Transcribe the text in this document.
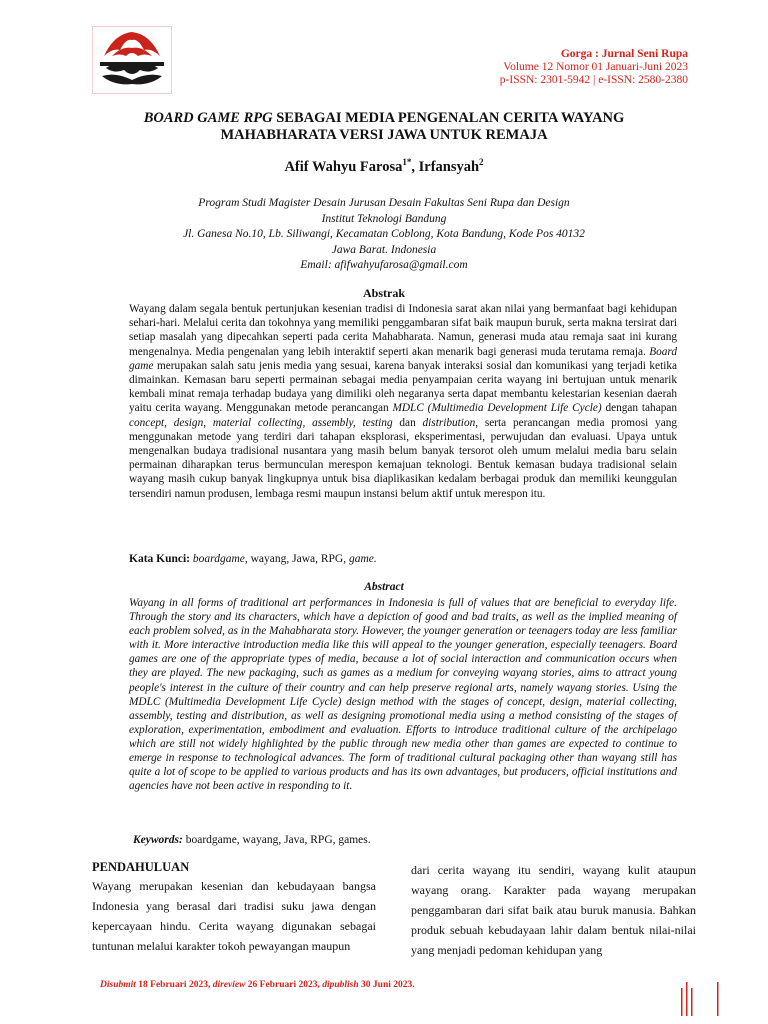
Gorga : Jurnal Seni Rupa
Volume 12 Nomor 01 Januari-Juni 2023
p-ISSN: 2301-5942 | e-ISSN: 2580-2380
BOARD GAME RPG SEBAGAI MEDIA PENGENALAN CERITA WAYANG
MAHABHARATA VERSI JAWA UNTUK REMAJA
Afif Wahyu Farosa$^{1*}$, Irfansyah$^2$
Program Studi Magister Desain Jurusan Desain Fakultas Seni Rupa dan Design
Institut Teknologi Bandung
Jl. Ganesa No.10, Lb. Siliwangi, Kecamatan Coblong, Kota Bandung, Kode Pos 40132
Jawa Barat. Indonesia
Email: afifwahyufarosa@gmail.com
Abstrak
Wayang dalam segala bentuk pertunjukan kesenian tradisi di Indonesia sarat akan nilai yang bermanfaat bagi kehidupan sehari-hari. Melalui cerita dan tokohnya yang memiliki penggambaran sifat baik maupun buruk, serta makna tersirat dari setiap masalah yang dipecahkan seperti pada cerita Mahabharata. Namun, generasi muda atau remaja saat ini kurang mengenalnya. Media pengenalan yang lebih interaktif seperti akan menarik bagi generasi muda terutama remaja. Board game merupakan salah satu jenis media yang sesuai, karena banyak interaksi sosial dan komunikasi yang terjadi ketika dimainkan. Kemasan baru seperti permainan sebagai media penyampaian cerita wayang ini bertujuan untuk menarik kembali minat remaja terhadap budaya yang dimiliki oleh negaranya serta dapat membantu kelestarian kesenian daerah yaitu cerita wayang. Menggunakan metode perancangan MDLC (Multimedia Development Life Cycle) dengan tahapan concept, design, material collecting, assembly, testing dan distribution, serta perancangan media promosi yang menggunakan metode yang terdiri dari tahapan eksplorasi, eksperimentasi, perwujudan dan evaluasi. Upaya untuk mengenalkan budaya tradisional nusantara yang masih belum banyak tersorot oleh umum melalui media baru selain permainan diharapkan terus bermunculan merespon kemajuan teknologi. Bentuk kemasan budaya tradisional selain wayang masih cukup banyak lingkupnya untuk bisa diaplikasikan kedalam berbagai produk dan memiliki keunggulan tersendiri namun produsen, lembaga resmi maupun instansi belum aktif untuk merespon itu.
Kata Kunci: boardgame, wayang, Jawa, RPG, game.
Abstract
Wayang in all forms of traditional art performances in Indonesia is full of values that are beneficial to everyday life. Through the story and its characters, which have a depiction of good and bad traits, as well as the implied meaning of each problem solved, as in the Mahabharata story. However, the younger generation or teenagers today are less familiar with it. More interactive introduction media like this will appeal to the younger generation, especially teenagers. Board games are one of the appropriate types of media, because a lot of social interaction and communication occurs when they are played. The new packaging, such as games as a medium for conveying wayang stories, aims to attract young people's interest in the culture of their country and can help preserve regional arts, namely wayang stories. Using the MDLC (Multimedia Development Life Cycle) design method with the stages of concept, design, material collecting, assembly, testing and distribution, as well as designing promotional media using a method consisting of the stages of exploration, experimentation, embodiment and evaluation. Efforts to introduce traditional culture of the archipelago which are still not widely highlighted by the public through new media other than games are expected to continue to emerge in response to technological advances. The form of traditional cultural packaging other than wayang still has quite a lot of scope to be applied to various products and has its own advantages, but producers, official institutions and agencies have not been active in responding to it.
Keywords: boardgame, wayang, Java, RPG, games.
PENDAHULUAN
Wayang merupakan kesenian dan kebudayaan bangsa Indonesia yang berasal dari tradisi suku jawa dengan kepercayaan hindu. Cerita wayang digunakan sebagai tuntunan melalui karakter tokoh pewayangan maupun
dari cerita wayang itu sendiri, wayang kulit ataupun wayang orang. Karakter pada wayang merupakan penggambaran dari sifat baik atau buruk manusia. Bahkan produk sebuah kebudayaan lahir dalam bentuk nilai-nilai yang menjadi pedoman kehidupan yang
Disubmit 18 Februari 2023, direview 26 Februari 2023, dipublish 30 Juni 2023.
